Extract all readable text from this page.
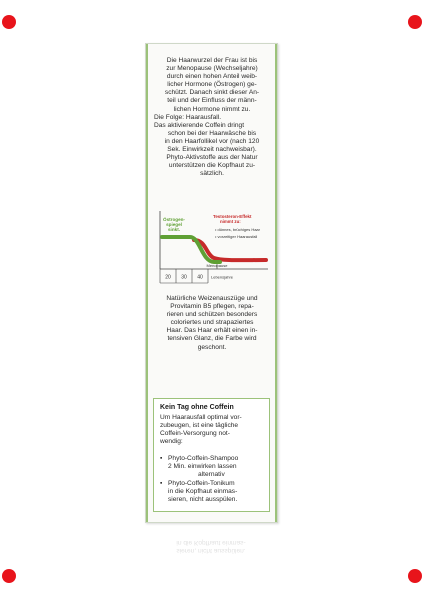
Die Haarwurzel der Frau ist bis
zur Menopause (Wechseljahre)
durch einen hohen Anteil weib-
licher Hormone (Östrogen) ge-
schützt. Danach sinkt dieser An-
teil und der Einfluss der männ-
lichen Hormone nimmt zu.
Die Folge: Haarausfall.
Das aktivierende Coffein dringt
schon bei der Haarwäsche bis
in den Haarfollikel vor (nach 120
Sek. Einwirkzeit nachweisbar).
Phyto-Aktivstoffe aus der Natur
unterstützen die Kopfhaut zu-
sätzlich.
Östrogen-
spiegel
sinkt.
Testosteron-Effekt
nimmt zu:
• dünnes, brüchiges Haar
• vorzeitiger Haarausfall
Menopause
20 30 40 Lebensjahre
Natürliche Weizenauszüge und
Provitamin B5 pflegen, repa-
rieren und schützen besonders
coloriertes und strapaziertes
Haar. Das Haar erhält einen in-
tensiven Glanz, die Farbe wird
geschont.
Kein Tag ohne Coffein
Um Haarausfall optimal vor-
zubeugen, ist eine tägliche
Coffein-Versorgung not-
wendig:
▪ Phyto-Coffein-Shampoo
2 Min. einwirken lassen
alternativ
▪ Phyto-Coffein-Tonikum
in die Kopfhaut einmas-
sieren, nicht ausspülen.
sieren, nicht ausspülen.
in die Kopfhaut einmas-
